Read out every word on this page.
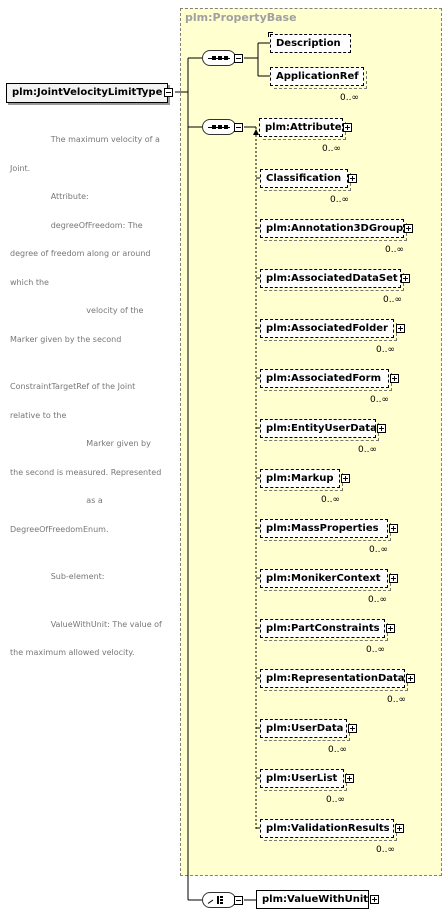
plm:PropertyBase

The maximum velocity of a

Joint.

Attribute:

degreeOfFreedom: The

degree of freedom along or around

which the

velocity of the

Marker given by the second

ConstraintTargetRef of the Joint

relative to the

Marker given by

the second is measured. Represented

as a

DegreeOfFreedomEnum.

Sub-element:

ValueWithUnit: The value of

the maximum allowed velocity.

plm:JointVelocityLimitType
Description
ApplicationRef
0..∞
plm:Attribute
0..∞
Classification
0..∞
plm:Annotation3DGroup
0..∞
plm:AssociatedDataSet
0..∞
plm:AssociatedFolder
0..∞
plm:AssociatedForm
0..∞
plm:EntityUserData
0..∞
plm:Markup
0..∞
plm:MassProperties
0..∞
plm:MonikerContext
0..∞
plm:PartConstraints
0..∞
plm:RepresentationData
0..∞
plm:UserData
0..∞
plm:UserList
0..∞
plm:ValidationResults
0..∞
plm:ValueWithUnit
